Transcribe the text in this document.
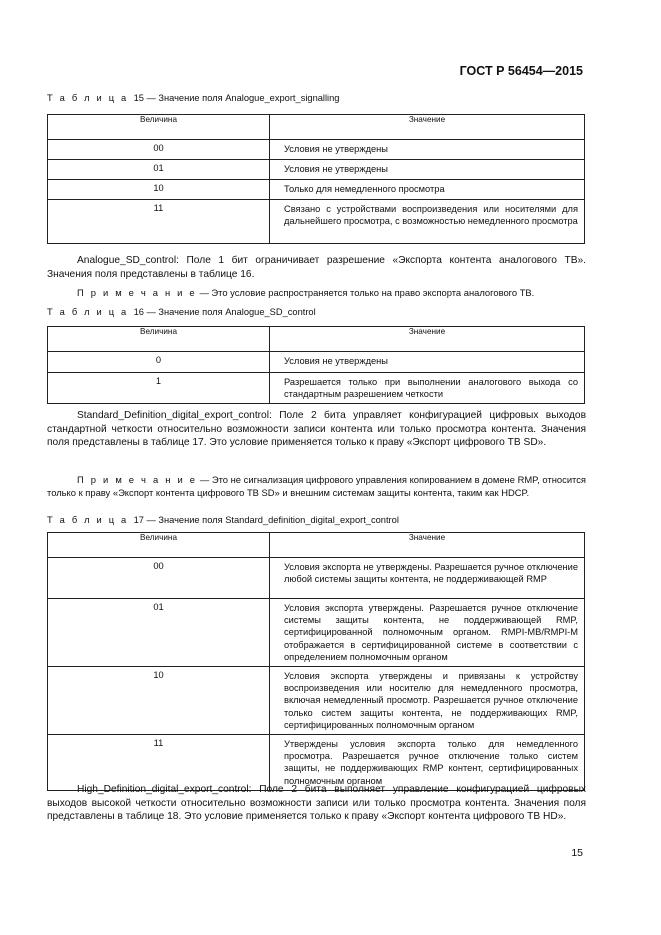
ГОСТ Р 56454—2015
Т а б л и ц а 15 — Значение поля Analogue_export_signalling
Величина	Значение
00	Условия не утверждены
01	Условия не утверждены
10	Только для немедленного просмотра
11	Связано с устройствами воспроизведения или носителями для дальнейшего просмотра, с возможностью немедленного просмотра
Analogue_SD_control: Поле 1 бит ограничивает разрешение «Экспорта контента аналогового ТВ». Значения поля представлены в таблице 16.
П р и м е ч а н и е — Это условие распространяется только на право экспорта аналогового ТВ.
Т а б л и ц а 16 — Значение поля Analogue_SD_control
Величина	Значение
0	Условия не утверждены
1	Разрешается только при выполнении аналогового выхода со стандартным разрешением четкости
Standard_Definition_digital_export_control: Поле 2 бита управляет конфигурацией цифровых выходов стандартной четкости относительно возможности записи контента или только просмотра контента. Значения поля представлены в таблице 17. Это условие применяется только к праву «Экспорт цифрового ТВ SD».
П р и м е ч а н и е — Это не сигнализация цифрового управления копированием в домене RMP, относится только к праву «Экспорт контента цифрового ТВ SD» и внешним системам защиты контента, таким как HDCP.
Т а б л и ц а 17 — Значение поля Standard_definition_digital_export_control
Величина	Значение
00	Условия экспорта не утверждены. Разрешается ручное отключение любой системы защиты контента, не поддерживающей RMP
01	Условия экспорта утверждены. Разрешается ручное отключение системы защиты контента, не поддерживающей RMP, сертифицированной полномочным органом. RMPI-MB/RMPI-M отображается в сертифицированной системе в соответствии с определением полномочным органом
10	Условия экспорта утверждены и привязаны к устройству воспроизведения или носителю для немедленного просмотра, включая немедленный просмотр. Разрешается ручное отключение только систем защиты контента, не поддерживающих RMP, сертифицированных полномочным органом
11	Утверждены условия экспорта только для немедленного просмотра. Разрешается ручное отключение только систем защиты, не поддерживающих RMP контент, сертифицированных полномочным органом
High_Definition_digital_export_control: Поле 2 бита выполняет управление конфигурацией цифровых выходов высокой четкости относительно возможности записи или только просмотра контента. Значения поля представлены в таблице 18. Это условие применяется только к праву «Экспорт контента цифрового ТВ HD».
15
